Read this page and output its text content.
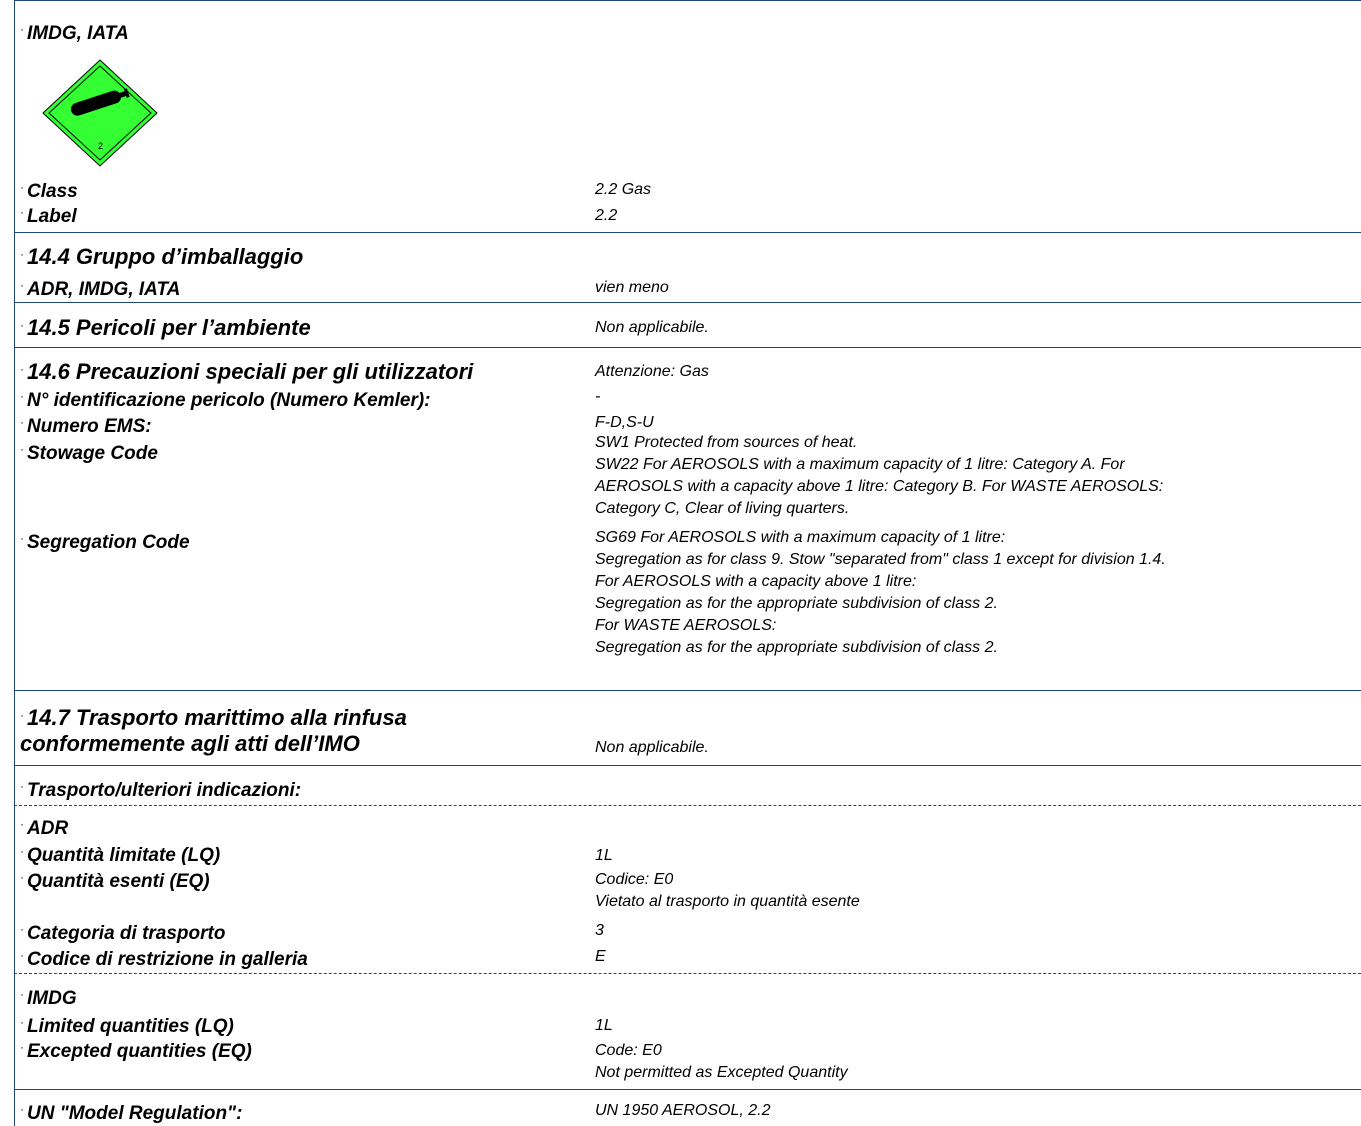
· IMDG, IATA
2
· Class	2.2 Gas
· Label	2.2
· 14.4 Gruppo d’imballaggio
· ADR, IMDG, IATA	vien meno
· 14.5 Pericoli per l’ambiente	Non applicabile.
· 14.6 Precauzioni speciali per gli utilizzatori	Attenzione: Gas
· N° identificazione pericolo (Numero Kemler):	-
· Numero EMS:	F-D,S-U
· Stowage Code
SW1 Protected from sources of heat.
SW22 For AEROSOLS with a maximum capacity of 1 litre: Category A. For
AEROSOLS with a capacity above 1 litre: Category B. For WASTE AEROSOLS:
Category C, Clear of living quarters.
· Segregation Code	SG69 For AEROSOLS with a maximum capacity of 1 litre:
Segregation as for class 9. Stow "separated from" class 1 except for division 1.4.
For AEROSOLS with a capacity above 1 litre:
Segregation as for the appropriate subdivision of class 2.
For WASTE AEROSOLS:
Segregation as for the appropriate subdivision of class 2.
· 14.7 Trasporto marittimo alla rinfusa
conformemente agli atti dell’IMO	Non applicabile.
· Trasporto/ulteriori indicazioni:
· ADR
· Quantità limitate (LQ)	1L
· Quantità esenti (EQ)	Codice: E0
Vietato al trasporto in quantità esente
· Categoria di trasporto	3
· Codice di restrizione in galleria	E
· IMDG
· Limited quantities (LQ)	1L
· Excepted quantities (EQ)	Code: E0
Not permitted as Excepted Quantity
· UN "Model Regulation":	UN 1950 AEROSOL, 2.2
